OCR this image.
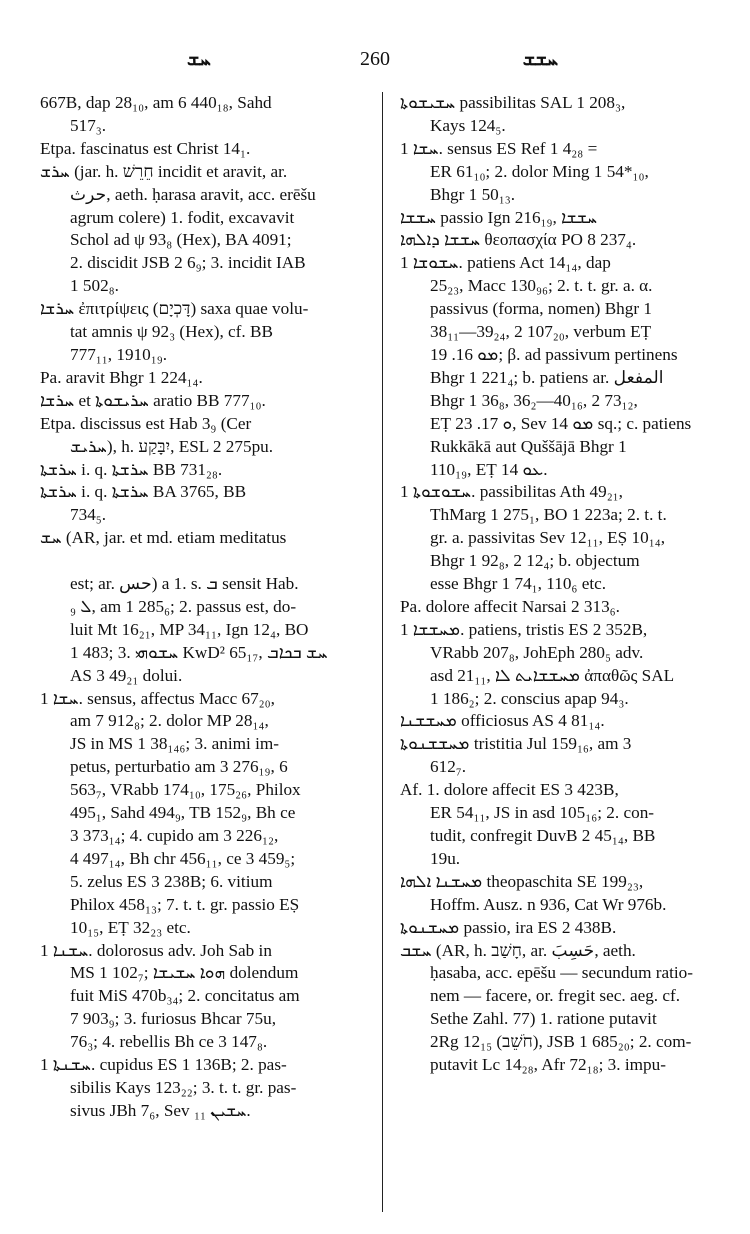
ܚܫ	260	ܚܫܫ
667B, dap 28₁₀, am 6 440₁₈, Sahd
517₃.
Etpa. fascinatus est Christ 14₁.
ܚܪܫ (jar. h. חֵרֵשׁ incidit et aravit, ar.
حرث, aeth. ḥarasa aravit, acc. erēšu
agrum colere) 1. fodit, excavavit
Schol ad ψ 93₈ (Hex), BA 4091;
2. discidit JSB 2 6₉; 3. incidit IAB
1 502₈.
ܚܪܫܐ ἐπιτρίψεις (דָּכְיָם) saxa quae volu-
tat amnis ψ 92₃ (Hex), cf. BB
777₁₁, 1910₁₉.
Pa. aravit Bhgr 1 224₁₄.
ܚܪܫܐ et ܚܪܝܫܘܬܐ aratio BB 777₁₀.
Etpa. discissus est Hab 3₉ (Cer
ܚܪܝܫ), h. יִבָּקַע, ESL 2 275pu.
ܚܪܫܬܐ i. q. ܚܪܫܬܐ BB 731₂₈.
ܚܪܫܬܐ i. q. ܚܪܫܬܐ BA 3765, BB
734₅.
ܚܫ (AR, jar. et md. etiam meditatus

est; ar. حس) a 1. s. ܒ sensit Hab.
ܠ ₉, am 1 285₆; 2. passus est, do-
luit Mt 16₂₁, MP 34₁₁, Ign 12₄, BO
1 483; 3. ܚܫܘܗܝ KwD² 65₁₇, ܚܫ ܒܟܐܒ
AS 3 49₂₁ dolui.
ܚܫܐ 1. sensus, affectus Macc 67₂₀,
am 7 912₈; 2. dolor MP 28₁₄,
JS in MS 1 38₁₄₆; 3. animi im-
petus, perturbatio am 3 276₁₉, 6
563₇, VRabb 174₁₀, 175₂₆, Philox
495₁, Sahd 494₉, TB 152₉, Bh ce
3 373₁₄; 4. cupido am 3 226₁₂,
4 497₁₄, Bh chr 456₁₁, ce 3 459₅;
5. zelus ES 3 238B; 6. vitium
Philox 458₁₃; 7. t. t. gr. passio EṢ
10₁₅, EṬ 32₂₃ etc.
ܚܫܢܐ 1. dolorosus adv. Joh Sab in
MS 1 102₇; ܗܘܐ ܚܫܝܫܐ dolendum
fuit MiS 470b₃₄; 2. concitatus am
7 903₉; 3. furiosus Bhcar 75u,
76₃; 4. rebellis Bh ce 3 147₈.
ܚܫܢܬܐ 1. cupidus ES 1 136B; 2. pas-
sibilis Kays 123₂₂; 3. t. t. gr. pas-
sivus JBh 7₆, Sev ܚܫܝܢ ₁₁.
ܚܫܝܫܘܬܐ passibilitas SAL 1 208₃,
Kays 124₅.
ܚܫܐ 1. sensus ES Ref 1 4₂₈ =
ER 61₁₀; 2. dolor Ming 1 54*₁₀,
Bhgr 1 50₁₃.
ܚܫܫܐ passio Ign 216₁₉, ܚܫܫܐ
ܚܫܫܐ ܕܐܠܗܐ θεοπασχία PO 8 237₄.
ܚܫܘܫܐ 1. patiens Act 14₁₄, dap
25₂₃, Macc 130₉₆; 2. t. t. gr. a. α.
passivus (forma, nomen) Bhgr 1
38₁₁—39₂₄, 2 107₂₀, verbum EṬ
ܡܘ 16. 19; β. ad passivum pertinens
Bhgr 1 221₄; b. patiens ar. المفعل
Bhgr 1 36₈, 36₂—40₁₆, 2 73₁₂,
EṬ ܘ 17. 23, Sev ܡܘ 14 sq.; c. patiens
Rukkākā aut Quššājā Bhgr 1
110₁₉, EṬ ܥܘ 14.
ܚܫܘܫܘܬܐ 1. passibilitas Ath 49₂₁,
ThMarg 1 275₁, BO 1 223a; 2. t. t.
gr. a. passivitas Sev 12₁₁, EṢ 10₁₄,
Bhgr 1 92₈, 2 12₄; b. objectum
esse Bhgr 1 74₁, 110₆ etc.
Pa. dolore affecit Narsai 2 313₆.
ܡܚܫܫܐ 1. patiens, tristis ES 2 352B,
VRabb 207₈, JohEph 280₅ adv.
asd 21₁₁, ܡܚܫܫܐܝܬ ܠܐ ἀπαθῶς SAL
1 186₂; 2. conscius apap 94₃.
ܡܚܫܫܢܐ officiosus AS 4 81₁₄.
ܡܚܫܫܢܘܬܐ tristitia Jul 159₁₆, am 3
612₇.
Af. 1. dolore affecit ES 3 423B,
ER 54₁₁, JS in asd 105₁₆; 2. con-
tudit, confregit DuvB 2 45₁₄, BB
19u.
ܡܚܫܢܐ ܐܠܗܐ theopaschita SE 199₂₃,
Hoffm. Ausz. n 936, Cat Wr 976b.
ܡܚܫܢܘܬܐ passio, ira ES 2 438B.
ܚܫܒ (AR, h. חָשַׁב, ar. حَسِبَ, aeth.
ḥasaba, acc. epēšu — secundum ratio-
nem — facere, or. fregit sec. aeg. cf.
Sethe Zahl. 77) 1. ratione putavit
2Rg 12₁₅ (חֹשֵׁב), JSB 1 685₂₀; 2. com-
putavit Lc 14₂₈, Afr 72₁₈; 3. impu-
